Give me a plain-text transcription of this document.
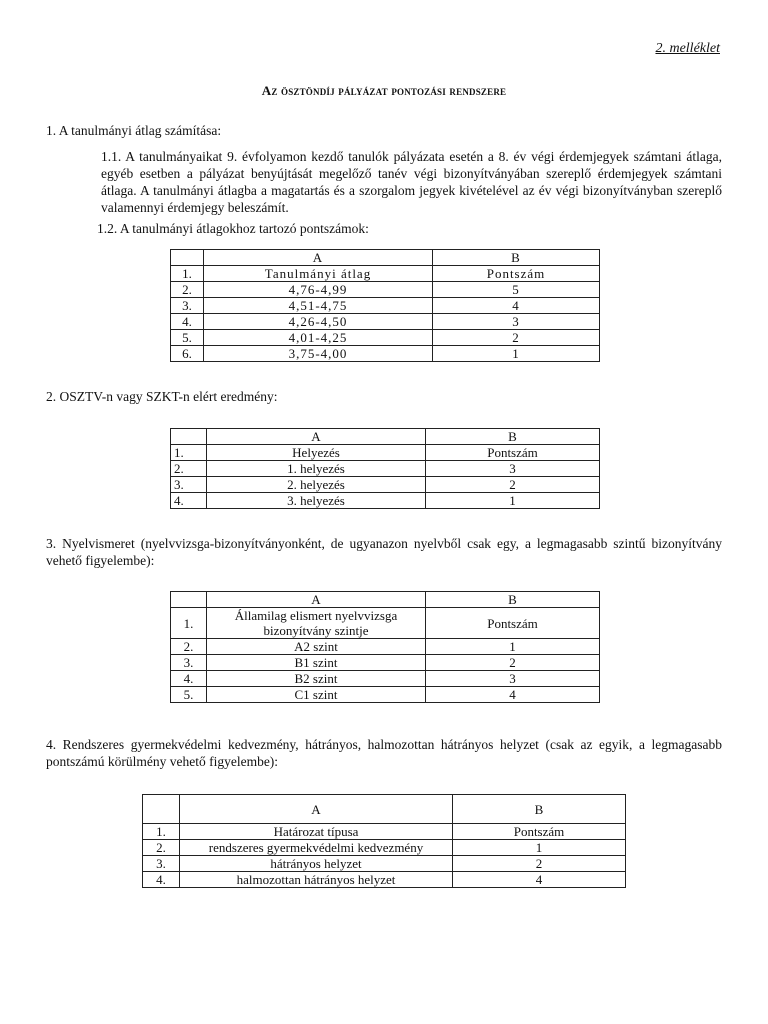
2. melléklet
Az ösztöndíj pályázat pontozási rendszere
1. A tanulmányi átlag számítása:
1.1. A tanulmányaikat 9. évfolyamon kezdő tanulók pályázata esetén a 8. év végi érdemjegyek számtani átlaga, egyéb esetben a pályázat benyújtását megelőző tanév végi bizonyítványában szereplő érdemjegyek számtani átlaga. A tanulmányi átlagba a magatartás és a szorgalom jegyek kivételével az év végi bizonyítványban szereplő valamennyi érdemjegy beleszámít.
1.2. A tanulmányi átlagokhoz tartozó pontszámok:
	A	B
1.	Tanulmányi átlag	Pontszám
2.	4,76-4,99	5
3.	4,51-4,75	4
4.	4,26-4,50	3
5.	4,01-4,25	2
6.	3,75-4,00	1
2. OSZTV-n vagy SZKT-n elért eredmény:
	A	B
1.	Helyezés	Pontszám
2.	1. helyezés	3
3.	2. helyezés	2
4.	3. helyezés	1
3. Nyelvismeret (nyelvvizsga-bizonyítványonként, de ugyanazon nyelvből csak egy, a legmagasabb szintű bizonyítvány vehető figyelembe):
	A	B
1.	Államilag elismert nyelvvizsga
bizonyítvány szintje	Pontszám
2.	A2 szint	1
3.	B1 szint	2
4.	B2 szint	3
5.	C1 szint	4
4. Rendszeres gyermekvédelmi kedvezmény, hátrányos, halmozottan hátrányos helyzet (csak az egyik, a legmagasabb pontszámú körülmény vehető figyelembe):
	A	B
1.	Határozat típusa	Pontszám
2.	rendszeres gyermekvédelmi kedvezmény	1
3.	hátrányos helyzet	2
4.	halmozottan hátrányos helyzet	4
